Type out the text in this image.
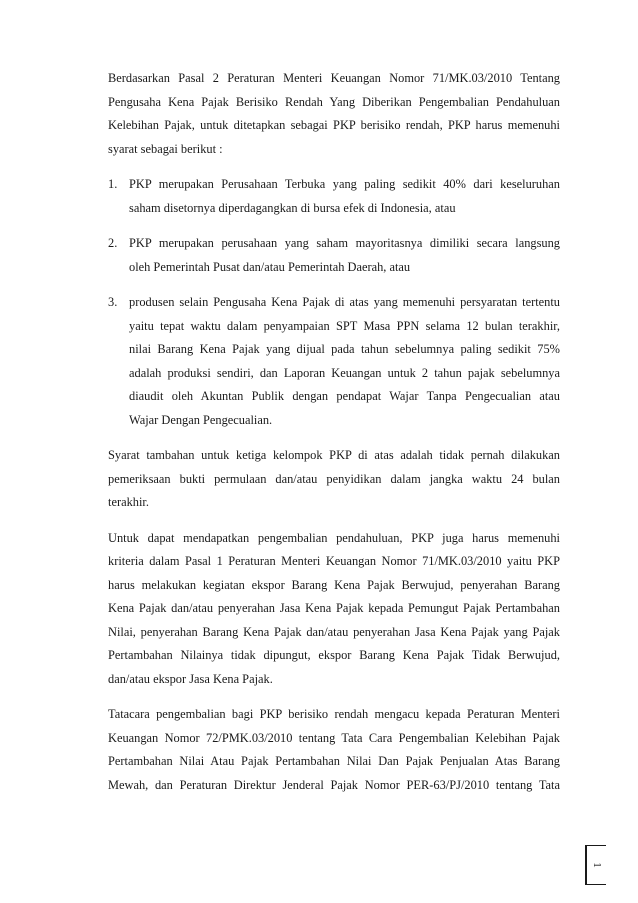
Berdasarkan Pasal 2 Peraturan Menteri Keuangan Nomor 71/MK.03/2010 Tentang
Pengusaha Kena Pajak Berisiko Rendah Yang Diberikan Pengembalian Pendahuluan
Kelebihan Pajak, untuk ditetapkan sebagai PKP berisiko rendah, PKP harus memenuhi
syarat sebagai berikut :
1. PKP merupakan Perusahaan Terbuka yang paling sedikit 40% dari keseluruhan
saham disetornya diperdagangkan di bursa efek di Indonesia, atau
2. PKP merupakan perusahaan yang saham mayoritasnya dimiliki secara langsung
oleh Pemerintah Pusat dan/atau Pemerintah Daerah, atau
3. produsen selain Pengusaha Kena Pajak di atas yang memenuhi persyaratan tertentu
yaitu tepat waktu dalam penyampaian SPT Masa PPN selama 12 bulan terakhir,
nilai Barang Kena Pajak yang dijual pada tahun sebelumnya paling sedikit 75%
adalah produksi sendiri, dan Laporan Keuangan untuk 2 tahun pajak sebelumnya
diaudit oleh Akuntan Publik dengan pendapat Wajar Tanpa Pengecualian atau
Wajar Dengan Pengecualian.
Syarat tambahan untuk ketiga kelompok PKP di atas adalah tidak pernah dilakukan
pemeriksaan bukti permulaan dan/atau penyidikan dalam jangka waktu 24 bulan
terakhir.
Untuk dapat mendapatkan pengembalian pendahuluan, PKP juga harus memenuhi
kriteria dalam Pasal 1 Peraturan Menteri Keuangan Nomor 71/MK.03/2010 yaitu PKP
harus melakukan kegiatan ekspor Barang Kena Pajak Berwujud, penyerahan Barang
Kena Pajak dan/atau penyerahan Jasa Kena Pajak kepada Pemungut Pajak Pertambahan
Nilai, penyerahan Barang Kena Pajak dan/atau penyerahan Jasa Kena Pajak yang Pajak
Pertambahan Nilainya tidak dipungut, ekspor Barang Kena Pajak Tidak Berwujud,
dan/atau ekspor Jasa Kena Pajak.
Tatacara pengembalian bagi PKP berisiko rendah mengacu kepada Peraturan Menteri
Keuangan Nomor 72/PMK.03/2010 tentang Tata Cara Pengembalian Kelebihan Pajak
Pertambahan Nilai Atau Pajak Pertambahan Nilai Dan Pajak Penjualan Atas Barang
Mewah, dan Peraturan Direktur Jenderal Pajak Nomor PER-63/PJ/2010 tentang Tata
1
